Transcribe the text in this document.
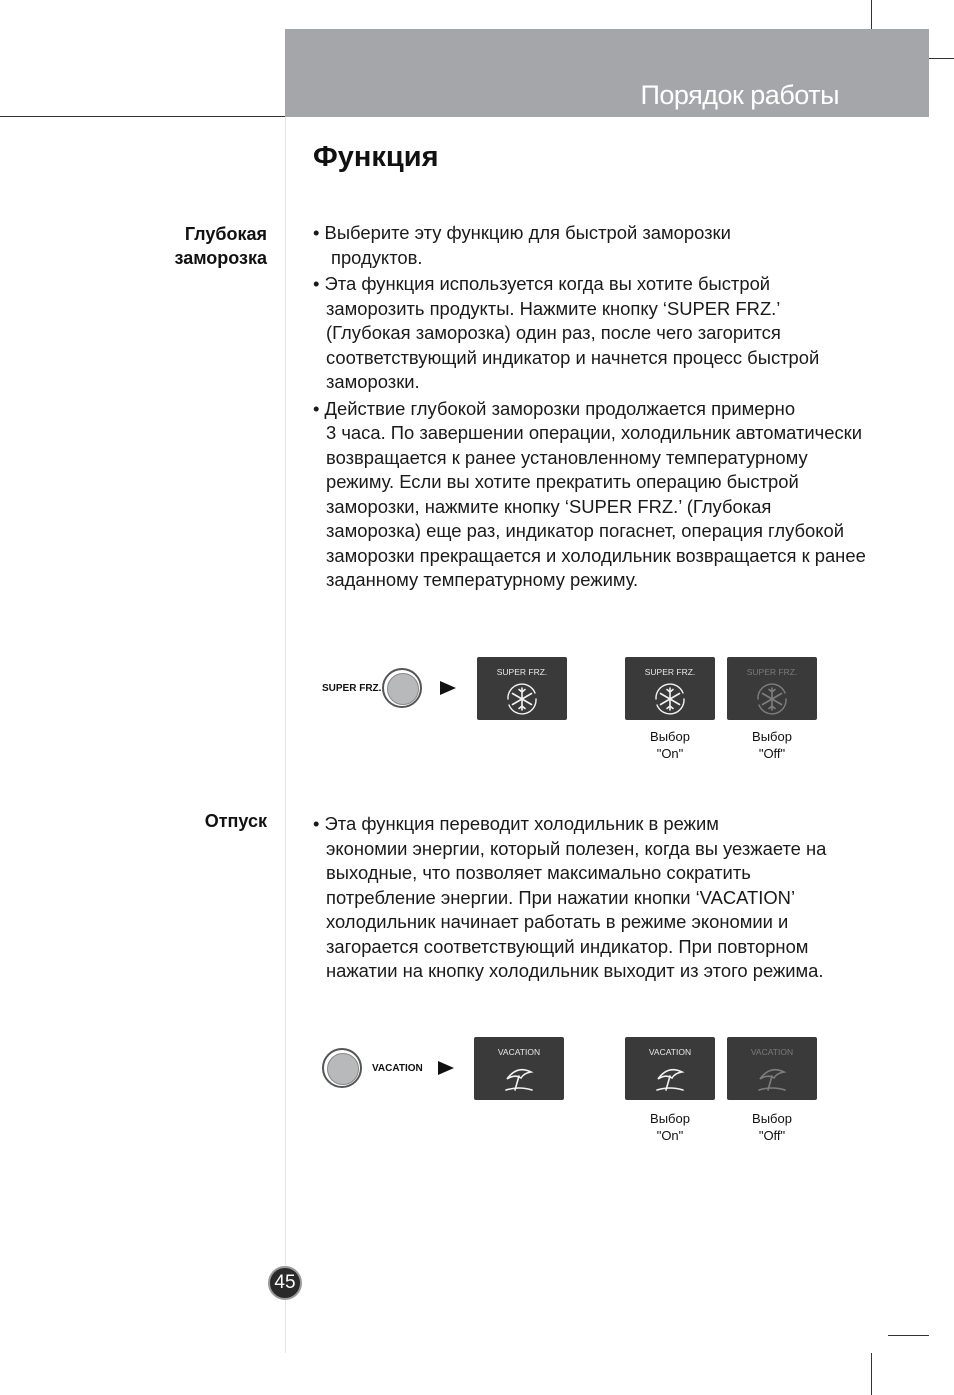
Порядок работы
Функция
Глубокая
заморозка
• Выберите эту функцию для быстрой заморозки
продуктов.
• Эта функция используется когда вы хотите быстрой
заморозить продукты. Нажмите кнопку ‘SUPER FRZ.’ (Глубокая заморозка) один раз, после чего загорится соответствующий индикатор и начнется процесс быстрой заморозки.
• Действие глубокой заморозки продолжается примерно
3 часа. По завершении операции, холодильник автоматически возвращается к ранее установленному температурному режиму. Если вы хотите прекратить операцию быстрой заморозки, нажмите кнопку ‘SUPER FRZ.’ (Глубокая заморозка) еще раз, индикатор погаснет, операция глубокой заморозки прекращается и холодильник возвращается к ранее заданному температурному режиму.
SUPER FRZ.
SUPER FRZ.	SUPER FRZ.	SUPER FRZ.
Выбор
"On"
Выбор
"Off"
Отпуск	• Эта функция переводит холодильник в режим
экономии энергии, который полезен, когда вы уезжаете на выходные, что позволяет максимально сократить потребление энергии. При нажатии кнопки ‘VACATION’ холодильник начинает работать в режиме экономии и загорается соответствующий индикатор. При повторном нажатии на кнопку холодильник выходит из этого режима.
VACATION
VACATION	VACATION	VACATION
Выбор
"On"
Выбор
"Off"
45
